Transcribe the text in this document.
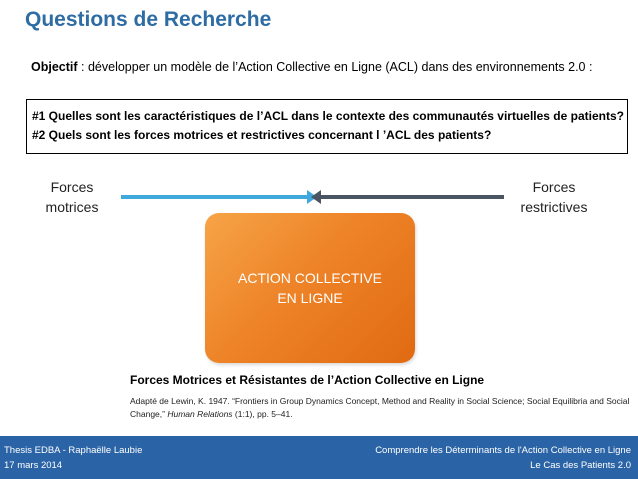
Questions de Recherche
Objectif : développer un modèle de l’Action Collective en Ligne (ACL) dans des environnements 2.0 :
#1 Quelles sont les caractéristiques de l’ACL dans le contexte des communautés virtuelles de patients?
#2 Quels sont les forces motrices et restrictives concernant l ’ACL des patients?
Forces
motrices
Forces
restrictives
ACTION COLLECTIVE
EN LIGNE
Forces Motrices et Résistantes de l’Action Collective en Ligne
Adapté de Lewin, K. 1947. “Frontiers in Group Dynamics Concept, Method and Reality in Social Science; Social Equilibria and Social Change,” Human Relations (1:1), pp. 5–41.
Thesis EDBA - Raphaëlle Laubie
17 mars 2014
Comprendre les Déterminants de l'Action Collective en Ligne
Le Cas des Patients 2.0
